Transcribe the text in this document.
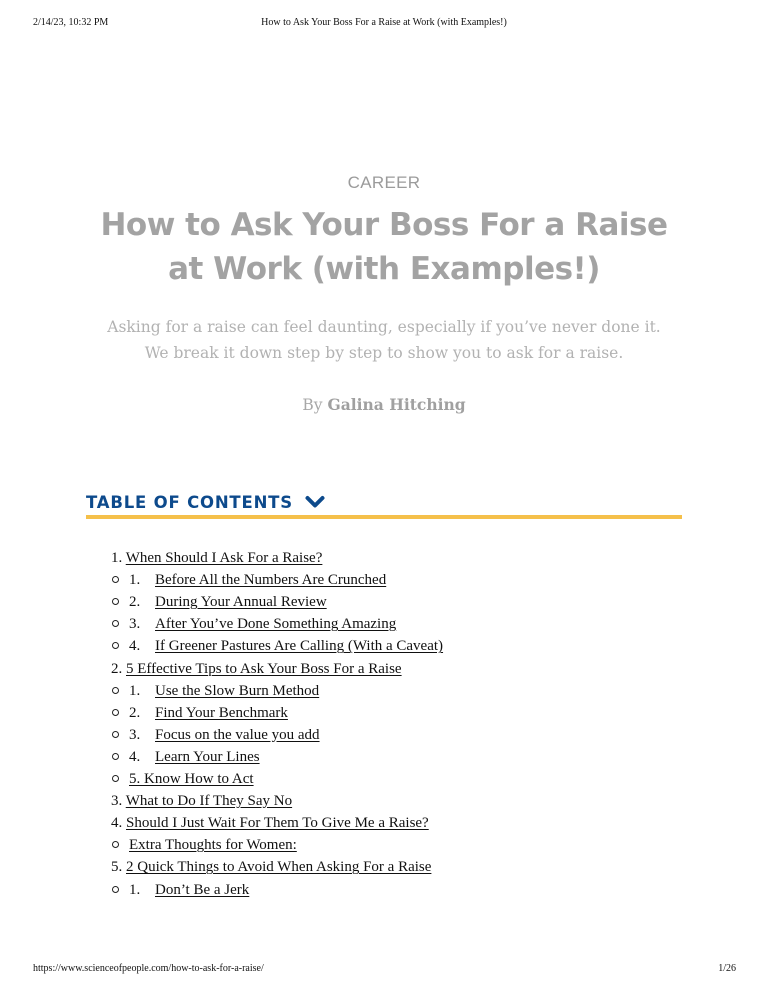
2/14/23, 10:32 PM	How to Ask Your Boss For a Raise at Work (with Examples!)
CAREER
How to Ask Your Boss For a Raise at Work (with Examples!)

Asking for a raise can feel daunting, especially if you’ve never done it. We break it down step by step to show you to ask for a raise.

By Galina Hitching
TABLE OF CONTENTS
1. When Should I Ask For a Raise?
1. Before All the Numbers Are Crunched
2. During Your Annual Review
3. After You’ve Done Something Amazing
4. If Greener Pastures Are Calling (With a Caveat)
2. 5 Effective Tips to Ask Your Boss For a Raise
1. Use the Slow Burn Method
2. Find Your Benchmark
3. Focus on the value you add
4. Learn Your Lines
5. Know How to Act
3. What to Do If They Say No
4. Should I Just Wait For Them To Give Me a Raise?
Extra Thoughts for Women:
5. 2 Quick Things to Avoid When Asking For a Raise
1. Don’t Be a Jerk
https://www.scienceofpeople.com/how-to-ask-for-a-raise/	1/26
